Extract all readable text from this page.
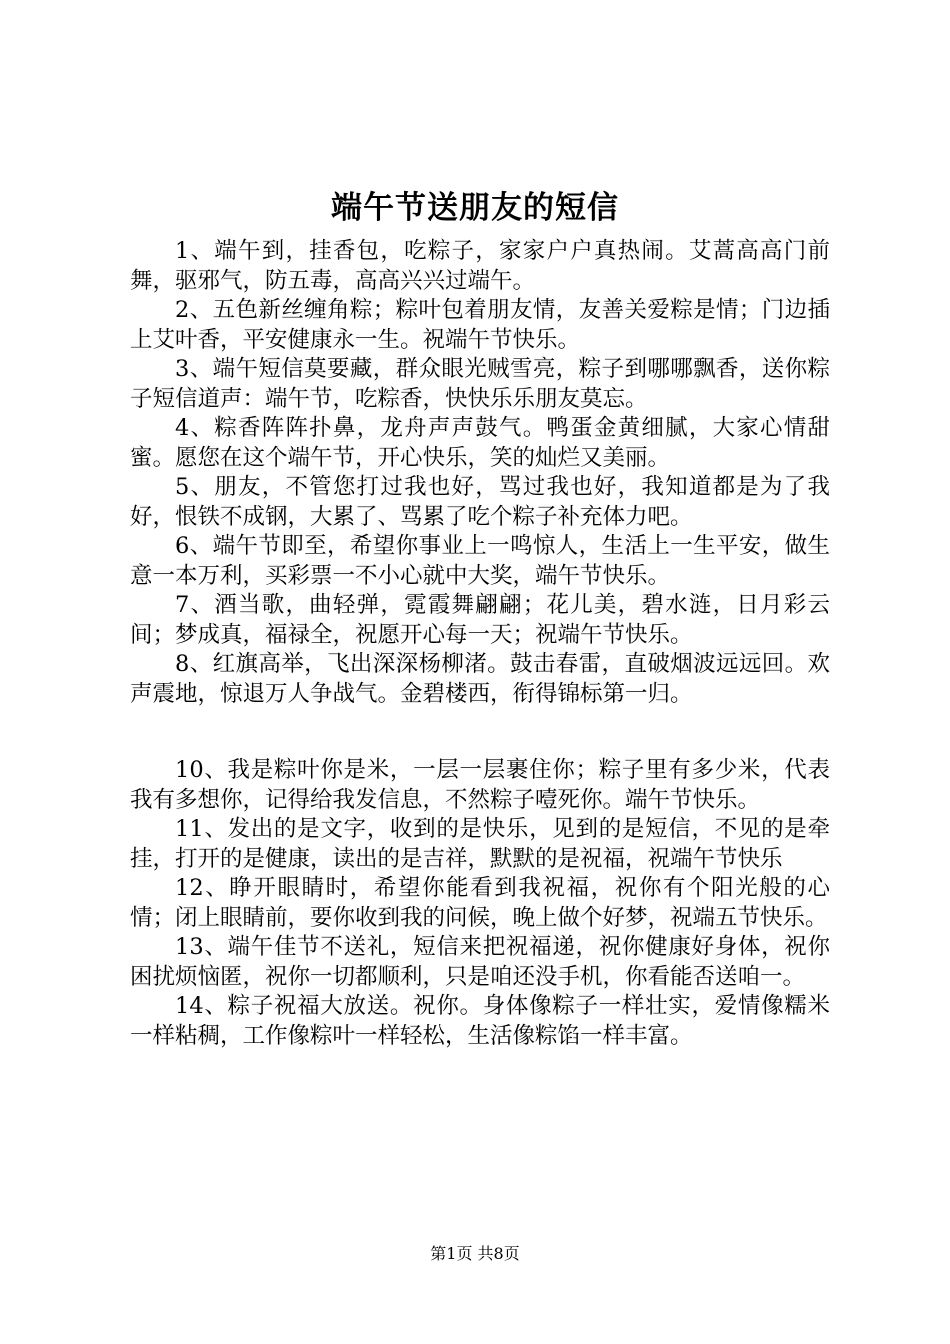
端午节送朋友的短信

1、端午到，挂香包，吃粽子，家家户户真热闹。艾蒿高高门前舞，驱邪气，防五毒，高高兴兴过端午。

2、五色新丝缠角粽；粽叶包着朋友情，友善关爱粽是情；门边插上艾叶香，平安健康永一生。祝端午节快乐。

3、端午短信莫要藏，群众眼光贼雪亮，粽子到哪哪飘香，送你粽子短信道声：端午节，吃粽香，快快乐乐朋友莫忘。

4、粽香阵阵扑鼻，龙舟声声鼓气。鸭蛋金黄细腻，大家心情甜蜜。愿您在这个端午节，开心快乐，笑的灿烂又美丽。

5、朋友，不管您打过我也好，骂过我也好，我知道都是为了我好，恨铁不成钢，大累了、骂累了吃个粽子补充体力吧。

6、端午节即至，希望你事业上一鸣惊人，生活上一生平安，做生意一本万利，买彩票一不小心就中大奖，端午节快乐。

7、酒当歌，曲轻弹，霓霞舞翩翩；花儿美，碧水涟，日月彩云间；梦成真，福禄全，祝愿开心每一天；祝端午节快乐。

8、红旗高举，飞出深深杨柳渚。鼓击春雷，直破烟波远远回。欢声震地，惊退万人争战气。金碧楼西，衔得锦标第一归。

10、我是粽叶你是米，一层一层裹住你；粽子里有多少米，代表我有多想你，记得给我发信息，不然粽子噎死你。端午节快乐。

11、发出的是文字，收到的是快乐，见到的是短信，不见的是牵挂，打开的是健康，读出的是吉祥，默默的是祝福，祝端午节快乐

12、睁开眼睛时，希望你能看到我祝福，祝你有个阳光般的心情；闭上眼睛前，要你收到我的问候，晚上做个好梦，祝端五节快乐。

13、端午佳节不送礼，短信来把祝福递，祝你健康好身体，祝你困扰烦恼匿，祝你一切都顺利，只是咱还没手机，你看能否送咱一。

14、粽子祝福大放送。祝你。身体像粽子一样壮实，爱情像糯米一样粘稠，工作像粽叶一样轻松，生活像粽馅一样丰富。

第1页 共8页
